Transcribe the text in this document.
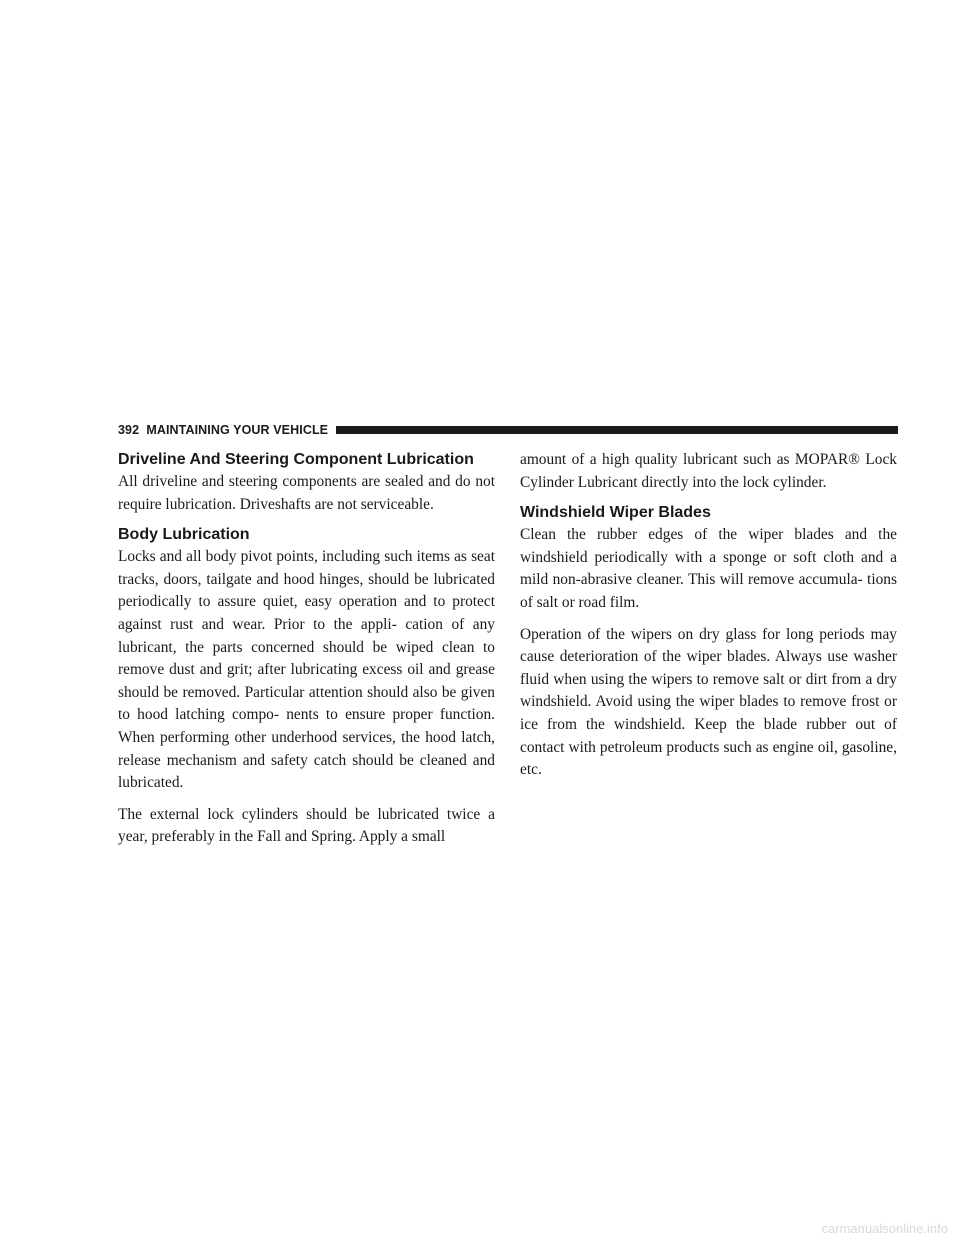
392 MAINTAINING YOUR VEHICLE
Driveline And Steering Component Lubrication

All driveline and steering components are sealed and do not require lubrication. Driveshafts are not serviceable.

Body Lubrication

Locks and all body pivot points, including such items as seat tracks, doors, tailgate and hood hinges, should be lubricated periodically to assure quiet, easy operation and to protect against rust and wear. Prior to the appli- cation of any lubricant, the parts concerned should be wiped clean to remove dust and grit; after lubricating excess oil and grease should be removed. Particular attention should also be given to hood latching compo- nents to ensure proper function. When performing other underhood services, the hood latch, release mechanism and safety catch should be cleaned and lubricated.

The external lock cylinders should be lubricated twice a year, preferably in the Fall and Spring. Apply a small

amount of a high quality lubricant such as MOPAR® Lock Cylinder Lubricant directly into the lock cylinder.

Windshield Wiper Blades

Clean the rubber edges of the wiper blades and the windshield periodically with a sponge or soft cloth and a mild non-abrasive cleaner. This will remove accumula- tions of salt or road film.

Operation of the wipers on dry glass for long periods may cause deterioration of the wiper blades. Always use washer fluid when using the wipers to remove salt or dirt from a dry windshield. Avoid using the wiper blades to remove frost or ice from the windshield. Keep the blade rubber out of contact with petroleum products such as engine oil, gasoline, etc.

carmanualsonline.info
